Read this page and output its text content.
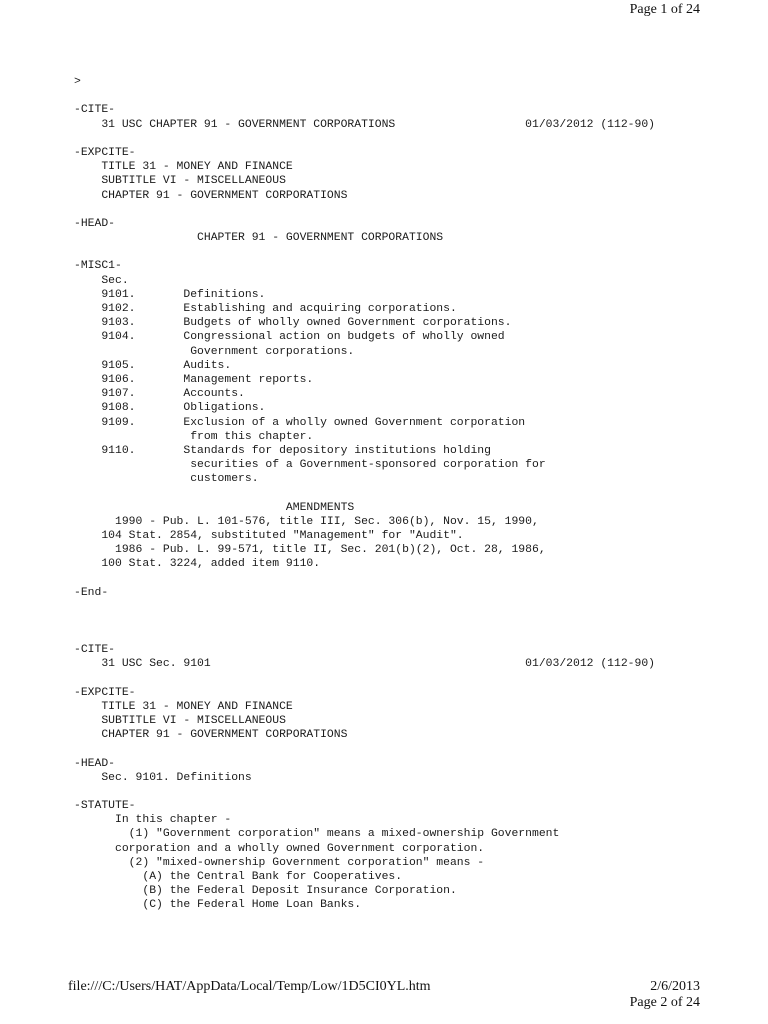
Page 1 of 24
>
-CITE-
31 USC CHAPTER 91 - GOVERNMENT CORPORATIONS                   01/03/2012 (112-90)
-EXPCITE-
TITLE 31 - MONEY AND FINANCE
SUBTITLE VI - MISCELLANEOUS
CHAPTER 91 - GOVERNMENT CORPORATIONS
-HEAD-
CHAPTER 91 - GOVERNMENT CORPORATIONS
-MISC1-
Sec.
9101.       Definitions.
9102.       Establishing and acquiring corporations.
9103.       Budgets of wholly owned Government corporations.
9104.       Congressional action on budgets of wholly owned
Government corporations.
9105.       Audits.
9106.       Management reports.
9107.       Accounts.
9108.       Obligations.
9109.       Exclusion of a wholly owned Government corporation
from this chapter.
9110.       Standards for depository institutions holding
securities of a Government-sponsored corporation for
customers.
AMENDMENTS
1990 - Pub. L. 101-576, title III, Sec. 306(b), Nov. 15, 1990,
104 Stat. 2854, substituted "Management" for "Audit".
1986 - Pub. L. 99-571, title II, Sec. 201(b)(2), Oct. 28, 1986,
100 Stat. 3224, added item 9110.
-End-
-CITE-
31 USC Sec. 9101                                              01/03/2012 (112-90)
-EXPCITE-
TITLE 31 - MONEY AND FINANCE
SUBTITLE VI - MISCELLANEOUS
CHAPTER 91 - GOVERNMENT CORPORATIONS
-HEAD-
Sec. 9101. Definitions
-STATUTE-
In this chapter -
(1) "Government corporation" means a mixed-ownership Government
corporation and a wholly owned Government corporation.
(2) "mixed-ownership Government corporation" means -
(A) the Central Bank for Cooperatives.
(B) the Federal Deposit Insurance Corporation.
(C) the Federal Home Loan Banks.
file:///C:/Users/HAT/AppData/Local/Temp/Low/1D5CI0YL.htm	2/6/2013
Page 2 of 24
